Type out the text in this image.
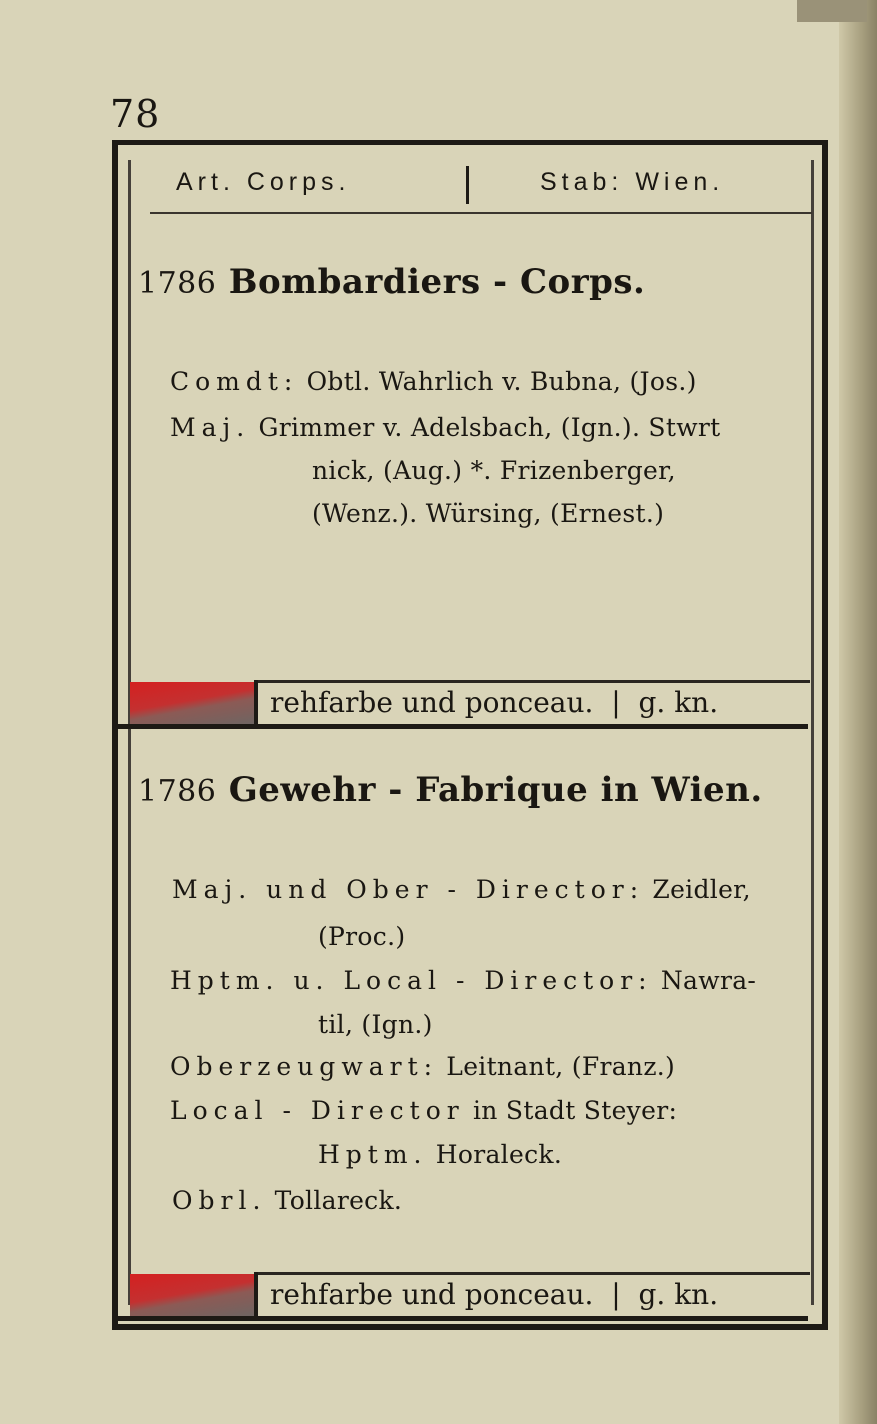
78
Art. Corps.	Stab: Wien.
1786 Bombardiers - Corps.
Comdt: Obtl. Wahrlich v. Bubna, (Jos.)
Maj. Grimmer v. Adelsbach, (Ign.). Stwrt
nick, (Aug.) *. Frizenberger,
(Wenz.). Würsing, (Ernest.)
rehfarbe und ponceau.  |  g. kn.
1786 Gewehr - Fabrique in Wien.
Maj. und Ober - Director: Zeidler,
(Proc.)
Hptm. u. Local - Director: Nawra-
til, (Ign.)
Oberzeugwart: Leitnant, (Franz.)
Local - Director in Stadt Steyer:
Hptm. Horaleck.
Obrl. Tollareck.
rehfarbe und ponceau.  |  g. kn.
